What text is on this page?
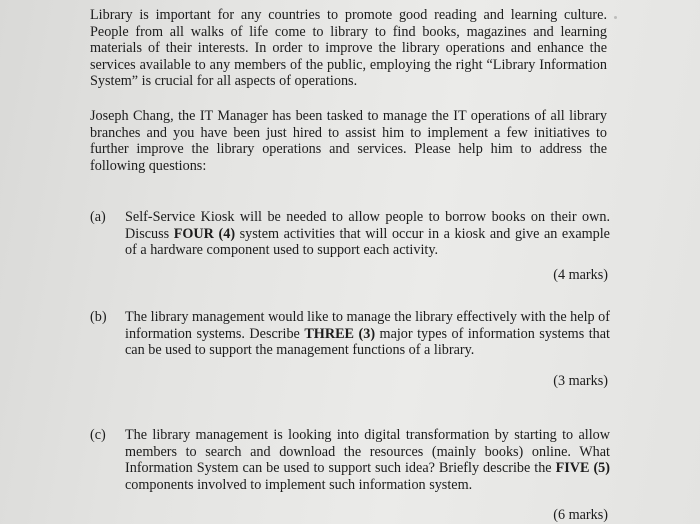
Library is important for any countries to promote good reading and learning culture. People from all walks of life come to library to find books, magazines and learning materials of their interests. In order to improve the library operations and enhance the services available to any members of the public, employing the right “Library Information System” is crucial for all aspects of operations.

Joseph Chang, the IT Manager has been tasked to manage the IT operations of all library branches and you have been just hired to assist him to implement a few initiatives to further improve the library operations and services. Please help him to address the following questions:

(a)	Self-Service Kiosk will be needed to allow people to borrow books on their own. Discuss FOUR (4) system activities that will occur in a kiosk and give an example of a hardware component used to support each activity.
(4 marks)
(b)	The library management would like to manage the library effectively with the help of information systems. Describe THREE (3) major types of information systems that can be used to support the management functions of a library.
(3 marks)
(c)	The library management is looking into digital transformation by starting to allow members to search and download the resources (mainly books) online. What Information System can be used to support such idea? Briefly describe the FIVE (5) components involved to implement such information system.
(6 marks)
